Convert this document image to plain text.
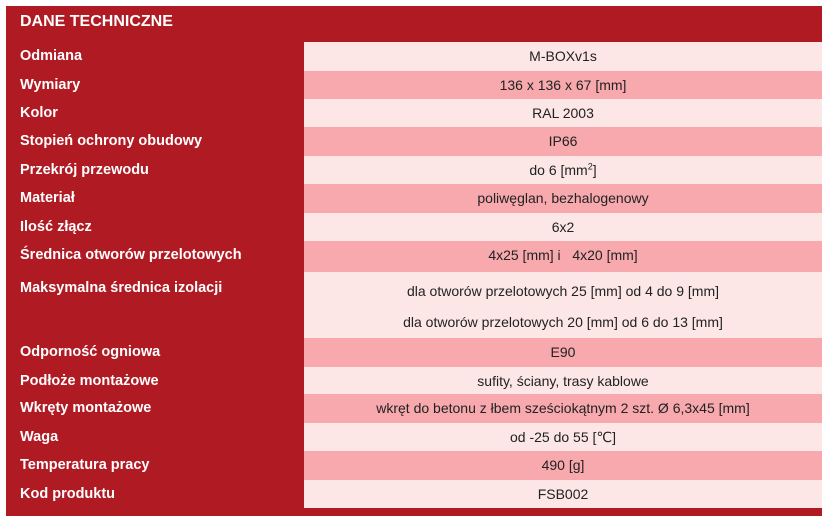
DANE TECHNICZNE
Odmiana	M-BOXv1s
Wymiary	136 x 136 x 67 [mm]
Kolor	RAL 2003
Stopień ochrony obudowy	IP66
Przekrój przewodu	do 6 $[mm^2]$
Materiał	poliwęglan, bezhalogenowy
Ilość złącz	6x2
Średnica otworów przelotowych	4x25 [mm] i   4x20 [mm]
Maksymalna średnica izolacji	dla otworów przelotowych 25 [mm] od 4 do 9 [mm]
dla otworów przelotowych 20 [mm] od 6 do 13 [mm]
Odporność ogniowa	E90
Podłoże montażowe	sufity, ściany, trasy kablowe
Wkręty montażowe	wkręt do betonu z łbem sześciokątnym 2 szt. Ø 6,3x45 [mm]
Waga	od -25 do 55 [℃]
Temperatura pracy	490 [g]
Kod produktu	FSB002
